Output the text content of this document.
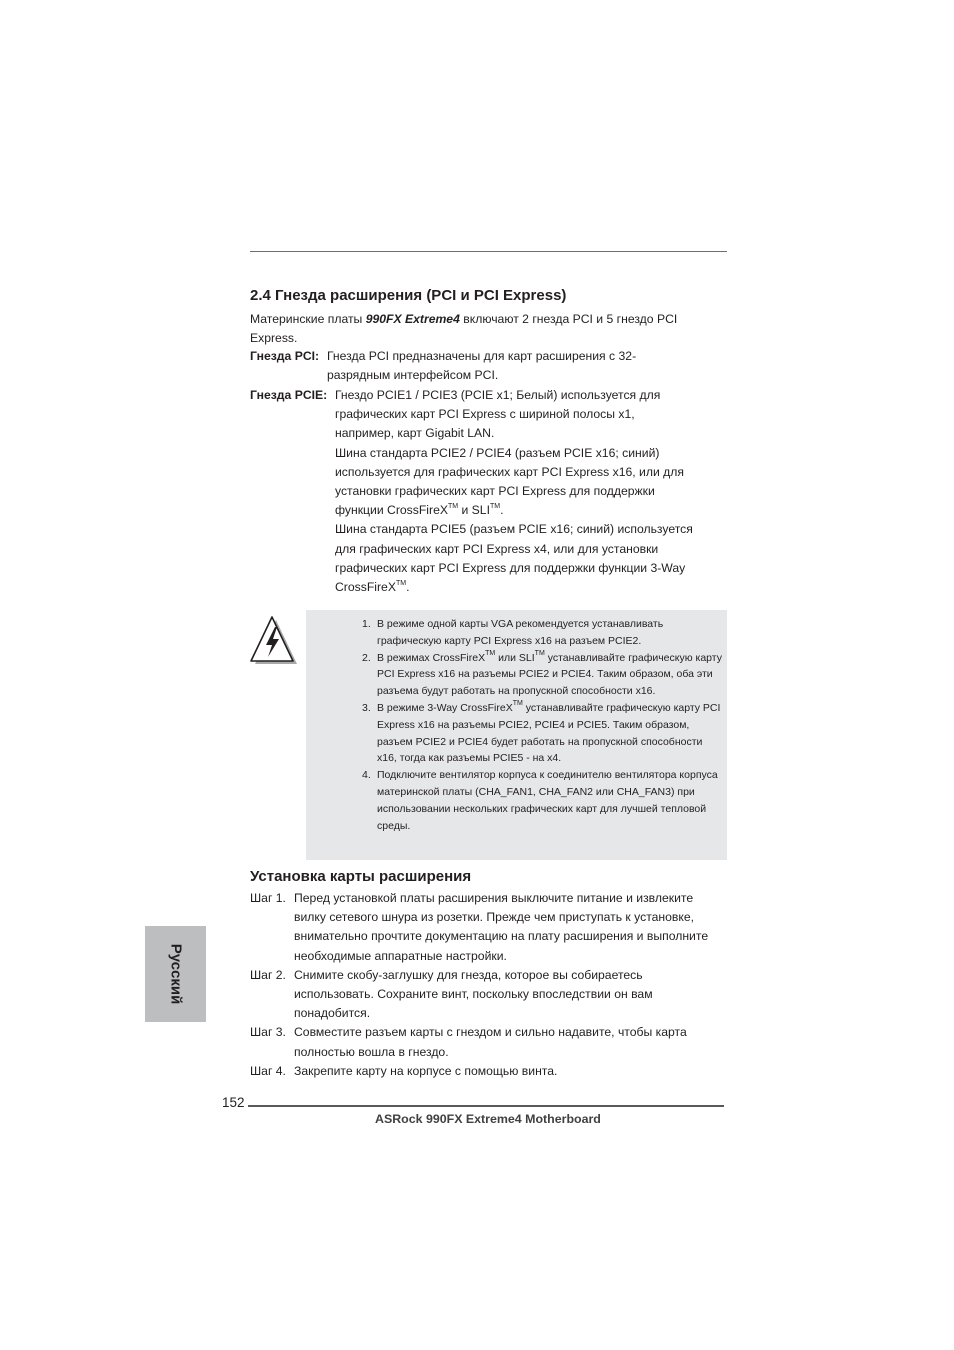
2.4 Гнезда расширения (PCI и PCI Express)

Материнские платы 990FX Extreme4 включают 2 гнезда PCI и 5 гнездо PCI Express.

Гнезда PCI: Гнезда PCI предназначены для карт расширения с 32-разрядным интерфейсом PCI.
Гнезда PCIE: Гнездо PCIE1 / PCIE3 (PCIE x1; Белый) используется для графических карт PCI Express с шириной полосы x1, например, карт Gigabit LAN.

Шина стандарта PCIE2 / PCIE4 (разъем PCIE x16; синий) используется для графических карт PCI Express x16, или для установки графических карт PCI Express для поддержки функции CrossFireX™ и SLI™.

Шина стандарта PCIE5 (разъем PCIE x16; синий) используется для графических карт PCI Express x4, или для установки графических карт PCI Express для поддержки функции 3-Way CrossFireX™.

1. В режиме одной карты VGA рекомендуется устанавливать графическую карту PCI Express x16 на разъем PCIE2.
2. В режимах CrossFireX™ или SLI™ устанавливайте графическую карту PCI Express x16 на разъемы PCIE2 и PCIE4. Таким образом, оба эти разъема будут работать на пропускной способности x16.
3. В режиме 3-Way CrossFireX™ устанавливайте графическую карту PCI Express x16 на разъемы PCIE2, PCIE4 и PCIE5. Таким образом, разъем PCIE2 и PCIE4 будет работать на пропускной способности x16, тогда как разъемы PCIE5 - на x4.
4. Подключите вентилятор корпуса к соединителю вентилятора корпуса материнской платы (CHA_FAN1, CHA_FAN2 или CHA_FAN3) при использовании нескольких графических карт для лучшей тепловой среды.
Установка карты расширения
Шаг 1. Перед установкой платы расширения выключите питание и извлеките вилку сетевого шнура из розетки. Прежде чем приступать к установке, внимательно прочтите документацию на плату расширения и выполните необходимые аппаратные настройки.
Шаг 2. Снимите скобу-заглушку для гнезда, которое вы собираетесь использовать. Сохраните винт, поскольку впоследствии он вам понадобится.
Шаг 3. Совместите разъем карты с гнездом и сильно надавите, чтобы карта полностью вошла в гнездо.
Шаг 4. Закрепите карту на корпусе с помощью винта.
Русский
152
ASRock 990FX Extreme4 Motherboard
